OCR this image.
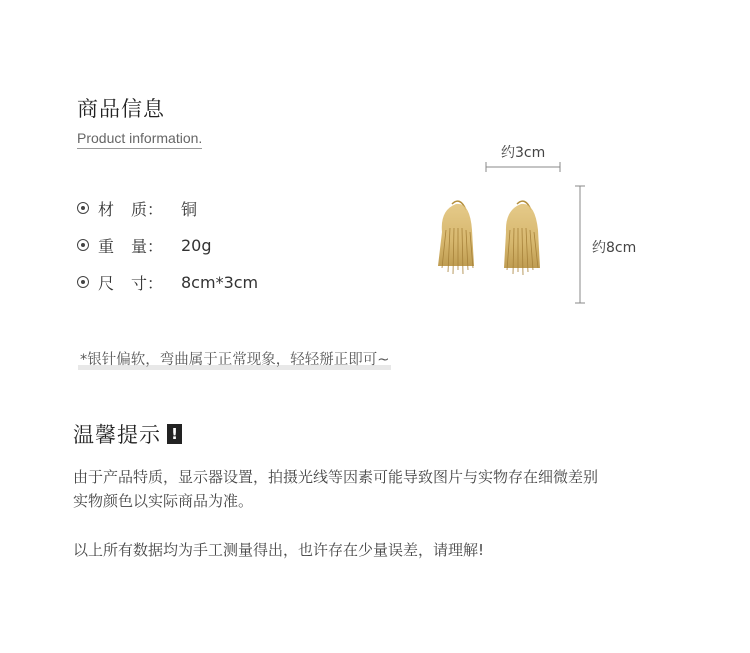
商品信息
Product information.
材 质： 铜
重 量： 20g
尺 寸： 8cm*3cm
约3cm
约8cm
*银针偏软，弯曲属于正常现象，轻轻掰正即可~
温馨提示 !
由于产品特质，显示器设置，拍摄光线等因素可能导致图片与实物存在细微差别
实物颜色以实际商品为准。
以上所有数据均为手工测量得出，也许存在少量误差，请理解!
